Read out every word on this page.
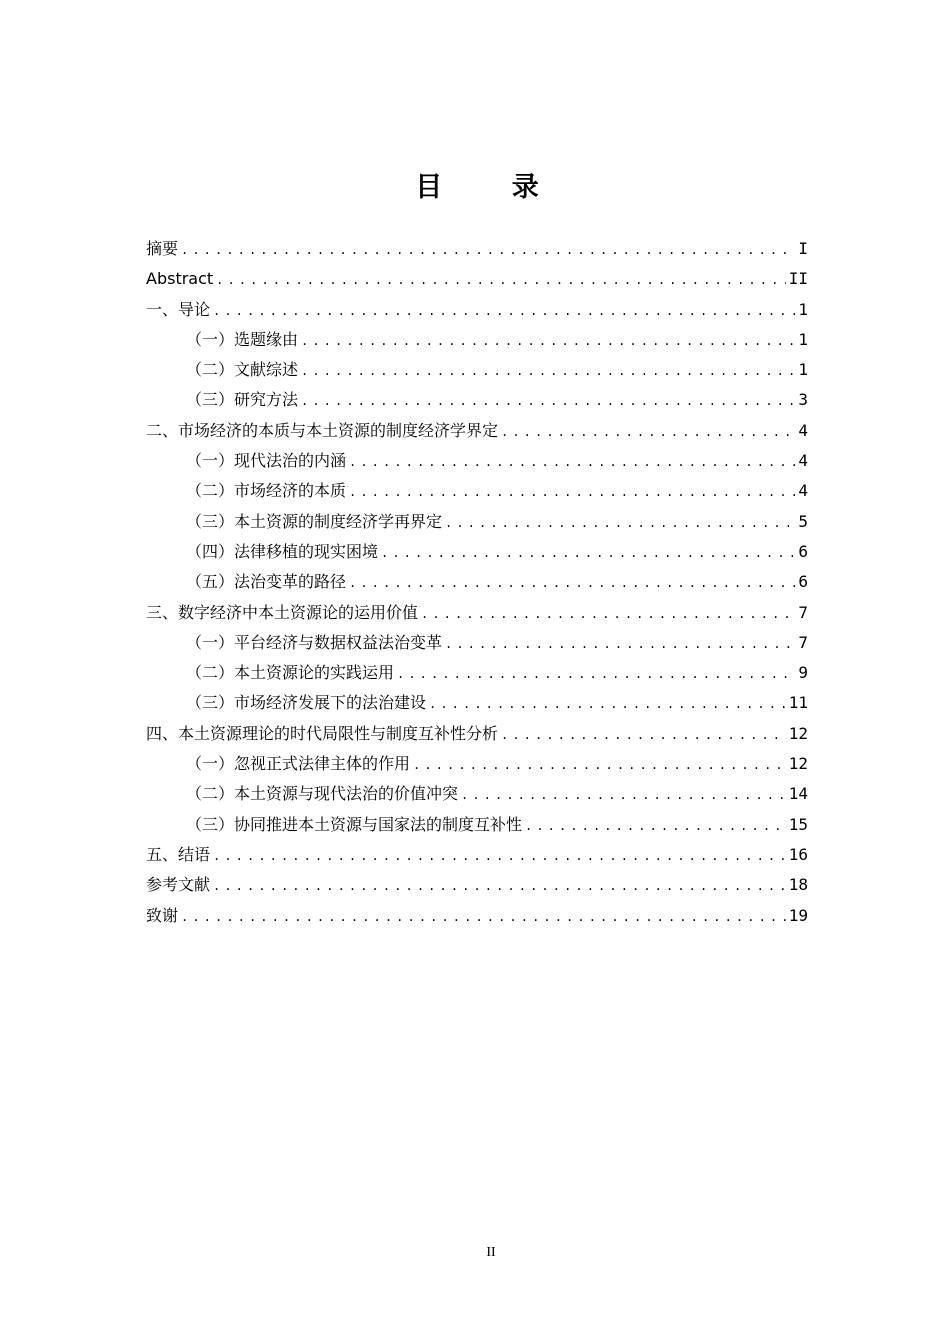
目 录
摘要 .....	I
Abstract .....	II
一、导论 .....	1
（一）选题缘由 .....	1
（二）文献综述 .....	1
（三）研究方法 .....	3
二、市场经济的本质与本土资源的制度经济学界定 .....	4
（一）现代法治的内涵 .....	4
（二）市场经济的本质 .....	4
（三）本土资源的制度经济学再界定 .....	5
（四）法律移植的现实困境 .....	6
（五）法治变革的路径 .....	6
三、数字经济中本土资源论的运用价值 .....	7
（一）平台经济与数据权益法治变革 .....	7
（二）本土资源论的实践运用 .....	9
（三）市场经济发展下的法治建设 .....	11
四、本土资源理论的时代局限性与制度互补性分析 .....	12
（一）忽视正式法律主体的作用 .....	12
（二）本土资源与现代法治的价值冲突 .....	14
（三）协同推进本土资源与国家法的制度互补性 .....	15
五、结语 .....	16
参考文献 .....	18
致谢 .....	19
II
